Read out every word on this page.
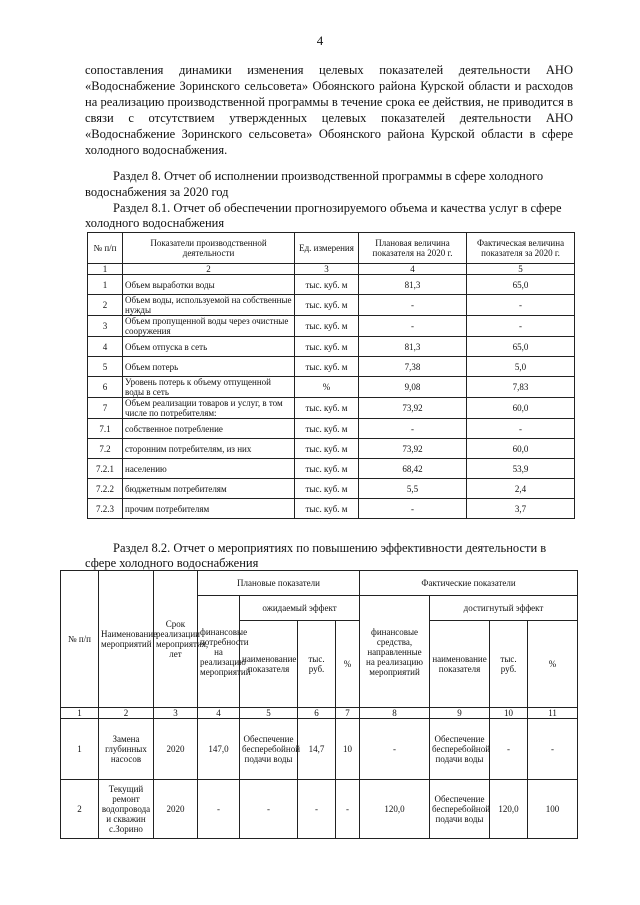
4
сопоставления динамики изменения целевых показателей деятельности АНО «Водоснабжение Зоринского сельсовета» Обоянского района Курской области и расходов на реализацию производственной программы в течение срока ее действия, не приводится в связи с отсутствием утвержденных целевых показателей деятельности АНО «Водоснабжение Зоринского сельсовета» Обоянского района Курской области в сфере холодного водоснабжения.
Раздел 8. Отчет об исполнении производственной программы в сфере холодного водоснабжения за 2020 год
Раздел 8.1. Отчет об обеспечении прогнозируемого объема и качества услуг в сфере холодного водоснабжения
№ п/п	Показатели производственной деятельности	Ед. измерения	Плановая величина показателя на 2020 г.	Фактическая величина показателя за 2020 г.
1	2	3	4	5
1	Объем выработки воды	тыс. куб. м	81,3	65,0
2	Объем воды, используемой на собственные нужды	тыс. куб. м	-	-
3	Объем пропущенной воды через очистные сооружения	тыс. куб. м	-	-
4	Объем отпуска в сеть	тыс. куб. м	81,3	65,0
5	Объем потерь	тыс. куб. м	7,38	5,0
6	Уровень потерь к объему отпущенной воды в сеть	%	9,08	7,83
7	Объем реализации товаров и услуг, в том числе по потребителям:	тыс. куб. м	73,92	60,0
7.1	собственное потребление	тыс. куб. м	-	-
7.2	сторонним потребителям, из них	тыс. куб. м	73,92	60,0
7.2.1	населению	тыс. куб. м	68,42	53,9
7.2.2	бюджетным потребителям	тыс. куб. м	5,5	2,4
7.2.3	прочим потребителям	тыс. куб. м	-	3,7
Раздел 8.2. Отчет о мероприятиях по повышению эффективности деятельности в сфере холодного водоснабжения
№ п/п	Наименование мероприятий	Срок реализации мероприятия, лет	Плановые показатели				Фактические показатели			
			финансовые потребности на реализацию мероприятий	ожидаемый эффект			финансовые средства, направленные на реализацию мероприятий	достигнутый эффект		
				наименование показателя	тыс. руб.	%		наименование показателя	тыс. руб.	%
1	2	3	4	5	6	7	8	9	10	11
1	Замена глубинных насосов	2020	147,0	Обеспечение бесперебойной подачи воды	14,7	10	-	Обеспечение бесперебойной подачи воды	-	-
2	Текущий ремонт водопровода и скважин с.Зорино	2020	-	-	-	-	120,0	Обеспечение бесперебойной подачи воды	120,0	100
